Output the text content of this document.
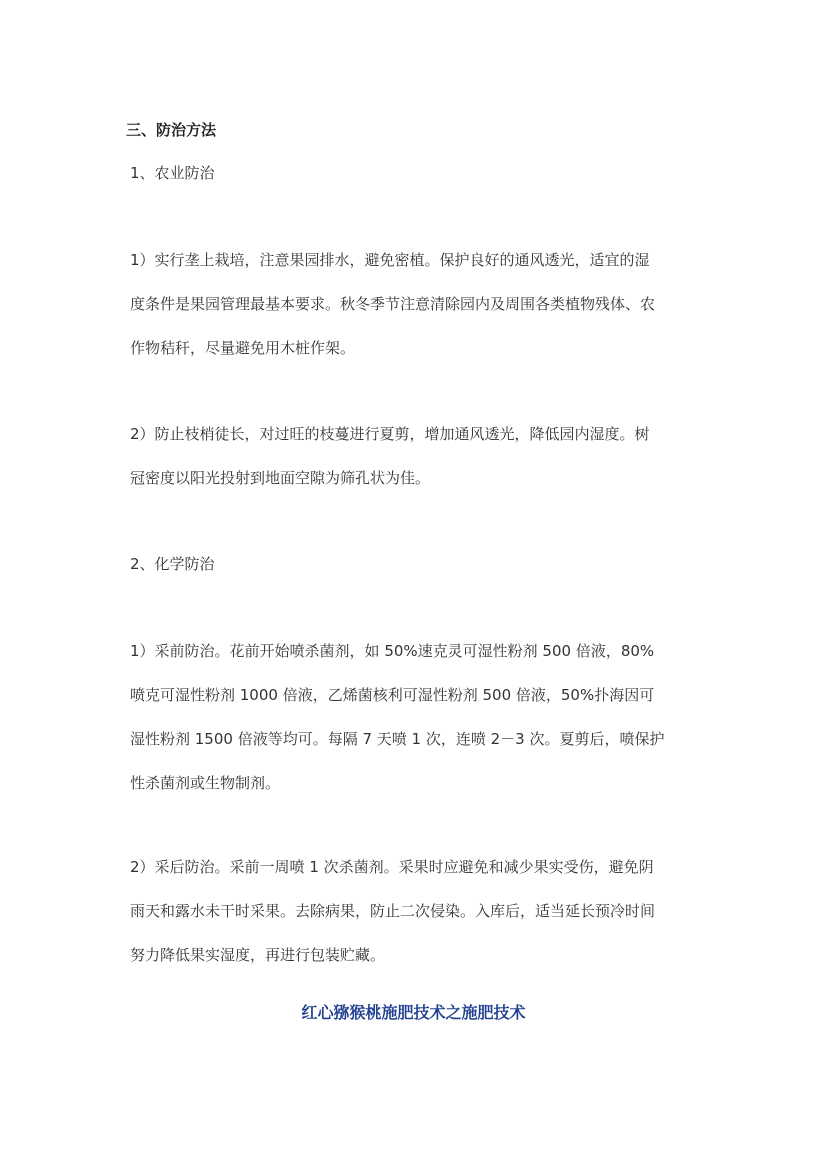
三、防治方法
1、农业防治
1）实行垄上栽培，注意果园排水，避免密植。保护良好的通风透光，适宜的湿
度条件是果园管理最基本要求。秋冬季节注意清除园内及周围各类植物残体、农
作物秸秆，尽量避免用木桩作架。
2）防止枝梢徒长，对过旺的枝蔓进行夏剪，增加通风透光，降低园内湿度。树
冠密度以阳光投射到地面空隙为筛孔状为佳。
2、化学防治
1）采前防治。花前开始喷杀菌剂，如 50%速克灵可湿性粉剂 500 倍液，80%
喷克可湿性粉剂 1000 倍液，乙烯菌核利可湿性粉剂 500 倍液，50%扑海因可
湿性粉剂 1500 倍液等均可。每隔 7 天喷 1 次，连喷 2－3 次。夏剪后，喷保护
性杀菌剂或生物制剂。
2）采后防治。采前一周喷 1 次杀菌剂。采果时应避免和减少果实受伤，避免阴
雨天和露水未干时采果。去除病果，防止二次侵染。入库后，适当延长预冷时间
努力降低果实湿度，再进行包装贮藏。
红心猕猴桃施肥技术之施肥技术
